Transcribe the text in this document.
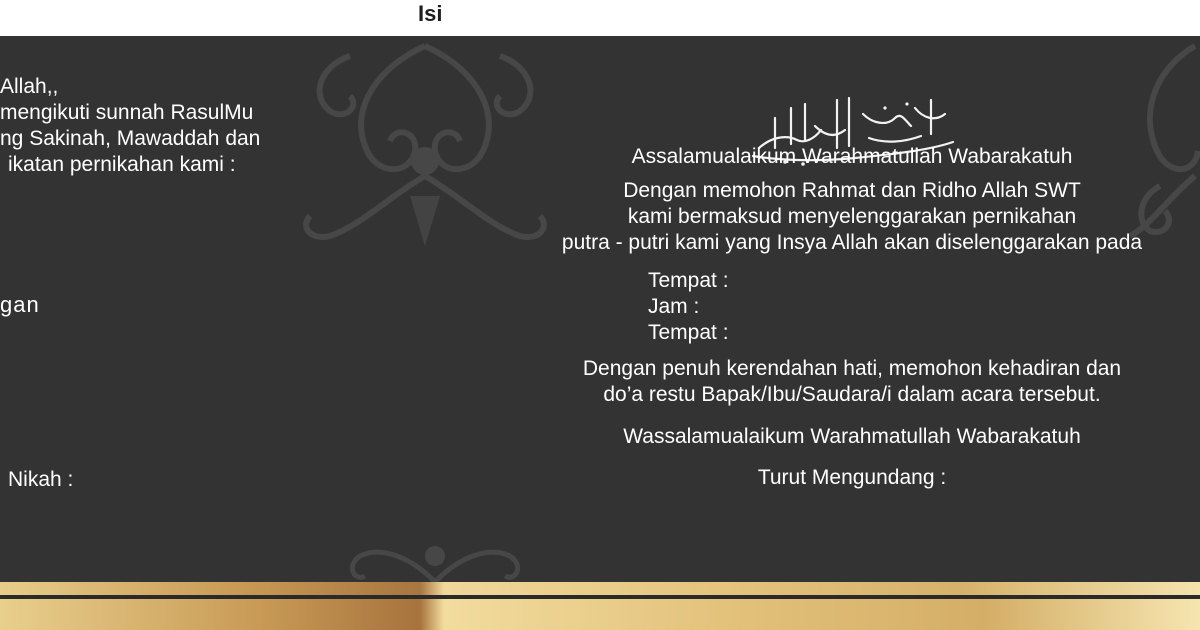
Isi
Allah,,
mengikuti sunnah RasulMu
ng Sakinah, Mawaddah dan
ikatan pernikahan kami :
gan
Nikah :
Assalamualaikum Warahmatullah Wabarakatuh
Dengan memohon Rahmat dan Ridho Allah SWT
kami bermaksud menyelenggarakan pernikahan
putra - putri kami yang Insya Allah akan diselenggarakan pada
Tempat :
Jam :
Tempat :
Dengan penuh kerendahan hati, memohon kehadiran dan
do’a restu Bapak/Ibu/Saudara/i dalam acara tersebut.
Wassalamualaikum Warahmatullah Wabarakatuh
Turut Mengundang :
